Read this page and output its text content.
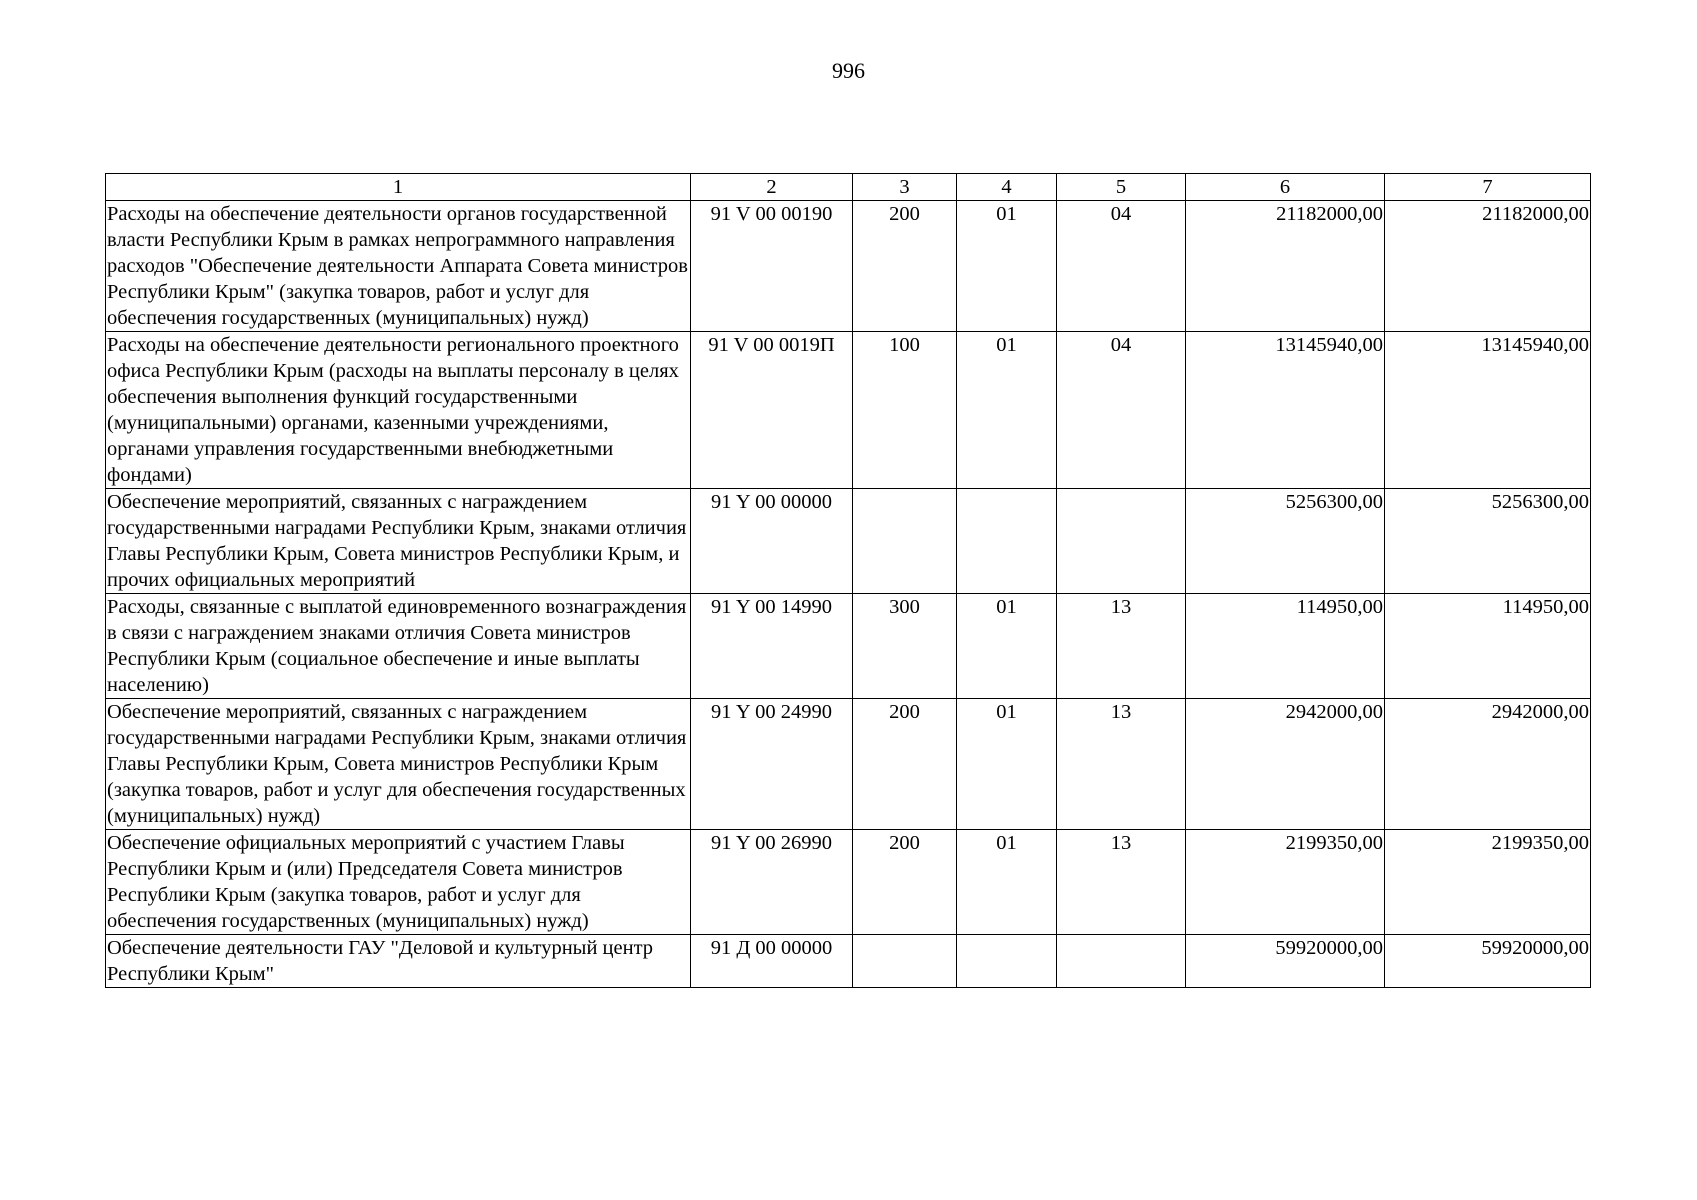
996
1	2	3	4	5	6	7
Расходы на обеспечение деятельности органов государственной власти Республики Крым в рамках непрограммного направления расходов "Обеспечение деятельности Аппарата Совета министров Республики Крым" (закупка товаров, работ и услуг для обеспечения государственных (муниципальных) нужд)	91 V 00 00190	200	01	04	21182000,00	21182000,00
Расходы на обеспечение деятельности регионального проектного офиса Республики Крым (расходы на выплаты персоналу в целях обеспечения выполнения функций государственными (муниципальными) органами, казенными учреждениями, органами управления государственными внебюджетными фондами)	91 V 00 0019П	100	01	04	13145940,00	13145940,00
Обеспечение мероприятий, связанных с награждением государственными наградами Республики Крым, знаками отличия Главы Республики Крым, Совета министров Республики Крым, и прочих официальных мероприятий	91 Y 00 00000				5256300,00	5256300,00
Расходы, связанные с выплатой единовременного вознаграждения в связи с награждением знаками отличия Совета министров Республики Крым (социальное обеспечение и иные выплаты населению)	91 Y 00 14990	300	01	13	114950,00	114950,00
Обеспечение мероприятий, связанных с награждением государственными наградами Республики Крым, знаками отличия Главы Республики Крым, Совета министров Республики Крым (закупка товаров, работ и услуг для обеспечения государственных (муниципальных) нужд)	91 Y 00 24990	200	01	13	2942000,00	2942000,00
Обеспечение официальных мероприятий с участием Главы Республики Крым и (или) Председателя Совета министров Республики Крым (закупка товаров, работ и услуг для обеспечения государственных (муниципальных) нужд)	91 Y 00 26990	200	01	13	2199350,00	2199350,00
Обеспечение деятельности ГАУ "Деловой и культурный центр Республики Крым"	91 Д 00 00000				59920000,00	59920000,00
